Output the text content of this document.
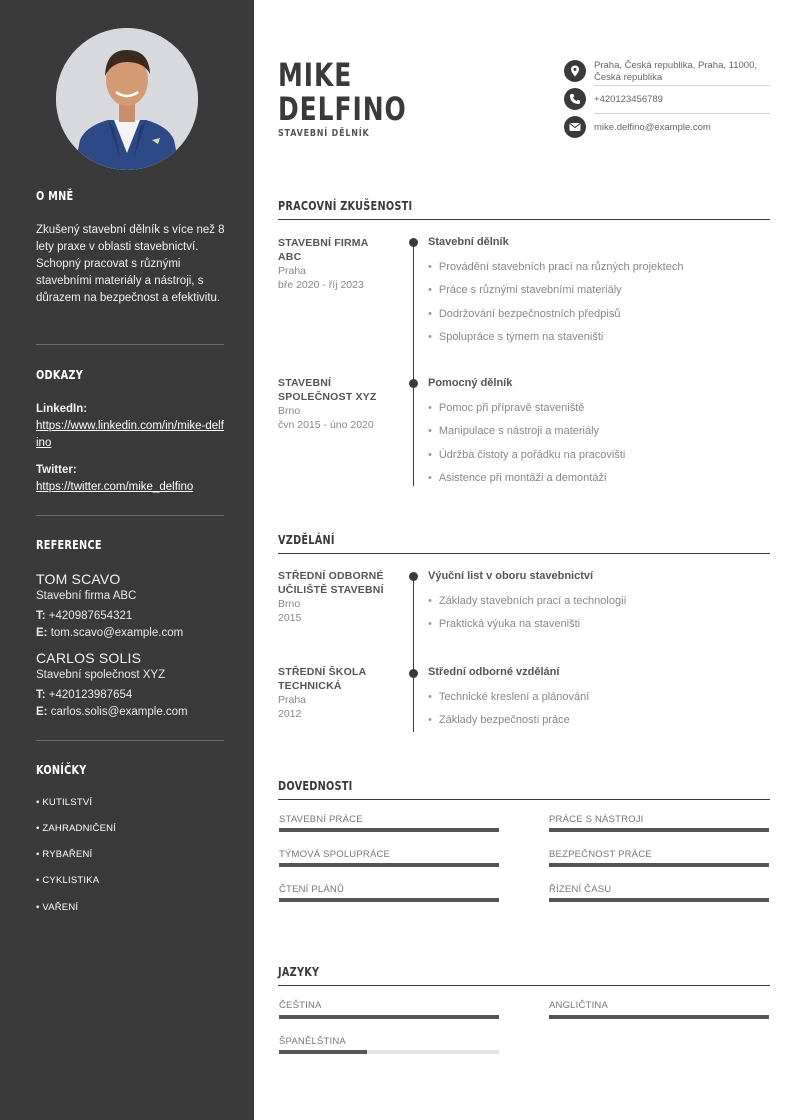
O MNĚ
Zkušený stavební dělník s více než 8 lety praxe v oblasti stavebnictví. Schopný pracovat s různými stavebními materiály a nástroji, s důrazem na bezpečnost a efektivitu.
ODKAZY
LinkedIn:
https://www.linkedin.com/in/mike-delfino
Twitter:
https://twitter.com/mike_delfino
REFERENCE
TOM SCAVO
Stavební firma ABC
T: +420987654321
E: tom.scavo@example.com
CARLOS SOLIS
Stavební společnost XYZ
T: +420123987654
E: carlos.solis@example.com
KONÍČKY
• KUTILSTVÍ
• ZAHRADNIČENÍ
• RYBAŘENÍ
• CYKLISTIKA
• VAŘENÍ
MIKE
DELFINO
STAVEBNÍ DĚLNÍK
Praha, Česká republika, Praha, 11000, Česká republika
+420123456789
mike.delfino@example.com
PRACOVNÍ ZKUŠENOSTI
STAVEBNÍ FIRMA ABC
Praha
bře 2020 - říj 2023
Stavební dělník
• Provádění stavebních prací na různých projektech
• Práce s různými stavebními materiály
• Dodržování bezpečnostních předpisů
• Spolupráce s týmem na staveništi
STAVEBNÍ SPOLEČNOST XYZ
Brno
čvn 2015 - úno 2020
Pomocný dělník
• Pomoc při přípravě staveniště
• Manipulace s nástroji a materiály
• Údržba čistoty a pořádku na pracovišti
• Asistence při montáži a demontáži
VZDĚLÁNÍ
STŘEDNÍ ODBORNÉ UČILIŠTĚ STAVEBNÍ
Brno
2015
Výuční list v oboru stavebnictví
• Základy stavebních prací a technologií
• Praktická výuka na staveništi
STŘEDNÍ ŠKOLA TECHNICKÁ
Praha
2012
Střední odborné vzdělání
• Technické kreslení a plánování
• Základy bezpečnosti práce
DOVEDNOSTI
STAVEBNÍ PRÁCE	PRÁCE S NÁSTROJI
TÝMOVÁ SPOLUPRÁCE	BEZPEČNOST PRÁCE
ČTENÍ PLÁNŮ	ŘÍZENÍ ČASU
JAZYKY
ČEŠTINA	ANGLIČTINA
ŠPANĚLŠTINA
